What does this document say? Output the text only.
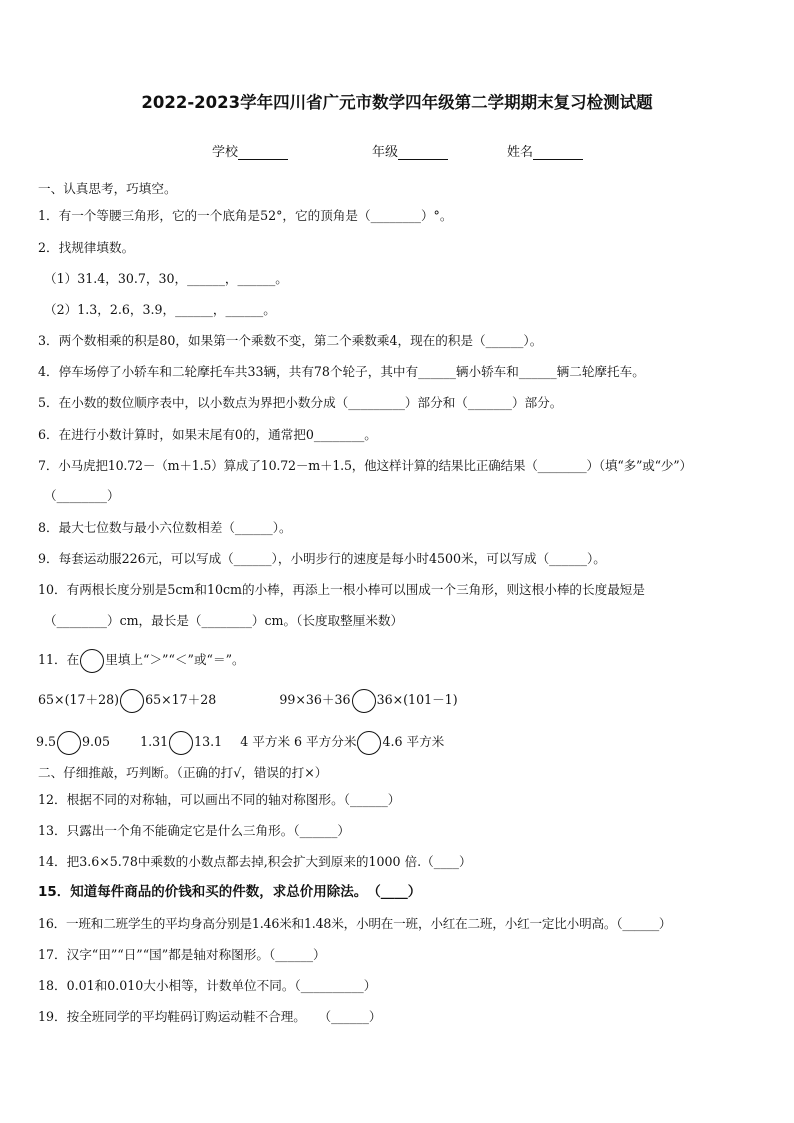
2022-2023学年四川省广元市数学四年级第二学期期末复习检测试题
学校	年级	姓名
一、认真思考，巧填空。
1．有一个等腰三角形，它的一个底角是52°，它的顶角是（________）°。
2．找规律填数。
（1）31.4，30.7，30，______，______。
（2）1.3，2.6，3.9，______，______。
3．两个数相乘的积是80，如果第一个乘数不变，第二个乘数乘4，现在的积是（______）。
4．停车场停了小轿车和二轮摩托车共33辆，共有78个轮子，其中有______辆小轿车和______辆二轮摩托车。
5．在小数的数位顺序表中，以小数点为界把小数分成（_________）部分和（_______）部分。
6．在进行小数计算时，如果末尾有0的，通常把0________。
7．小马虎把10.72－（m＋1.5）算成了10.72－m＋1.5，他这样计算的结果比正确结果（________）（填“多”或“少”）
（________）
8．最大七位数与最小六位数相差（______）。
9．每套运动服226元，可以写成（______），小明步行的速度是每小时4500米，可以写成（______）。
10．有两根长度分别是5cm和10cm的小棒，再添上一根小棒可以围成一个三角形，则这根小棒的长度最短是
（________）cm，最长是（________）cm。（长度取整厘米数）
11．在 里填上“＞”“＜”或“＝”。
65×(17＋28) 65×17＋28	99×36＋36 36×(101－1)
9.5 9.05 1.31 13.1 4 平方米 6 平方分米 4.6 平方米
二、仔细推敲，巧判断。（正确的打√，错误的打×）
12．根据不同的对称轴，可以画出不同的轴对称图形。（______）
13．只露出一个角不能确定它是什么三角形。（______）
14．把3.6×5.78中乘数的小数点都去掉,积会扩大到原来的1000 倍.（____）
15．知道每件商品的价钱和买的件数，求总价用除法。　（____）
16．一班和二班学生的平均身高分别是1.46米和1.48米，小明在一班，小红在二班，小红一定比小明高。（______）
17．汉字“田”“日”“国”都是轴对称图形。（______）
18．0.01和0.010大小相等，计数单位不同。（__________）
19．按全班同学的平均鞋码订购运动鞋不合理。　　（______）
